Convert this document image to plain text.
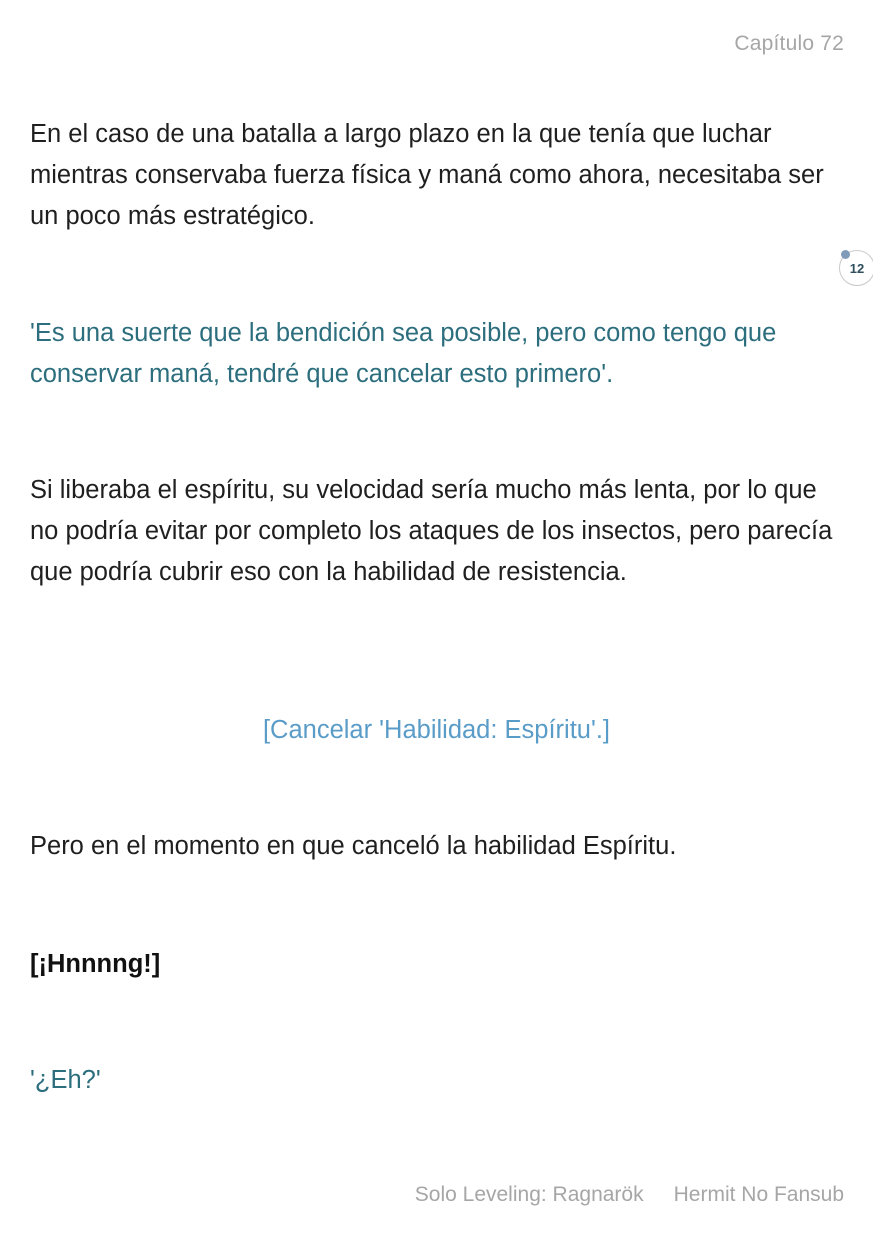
Capítulo 72

En el caso de una batalla a largo plazo en la que tenía que luchar mientras conservaba fuerza física y maná como ahora, necesitaba ser un poco más estratégico.

12

'Es una suerte que la bendición sea posible, pero como tengo que conservar maná, tendré que cancelar esto primero'.

Si liberaba el espíritu, su velocidad sería mucho más lenta, por lo que no podría evitar por completo los ataques de los insectos, pero parecía que podría cubrir eso con la habilidad de resistencia.

[Cancelar 'Habilidad: Espíritu'.]

Pero en el momento en que canceló la habilidad Espíritu.

[¡Hnnnng!]

'¿Eh?'

Solo Leveling: Ragnarök Hermit No Fansub
